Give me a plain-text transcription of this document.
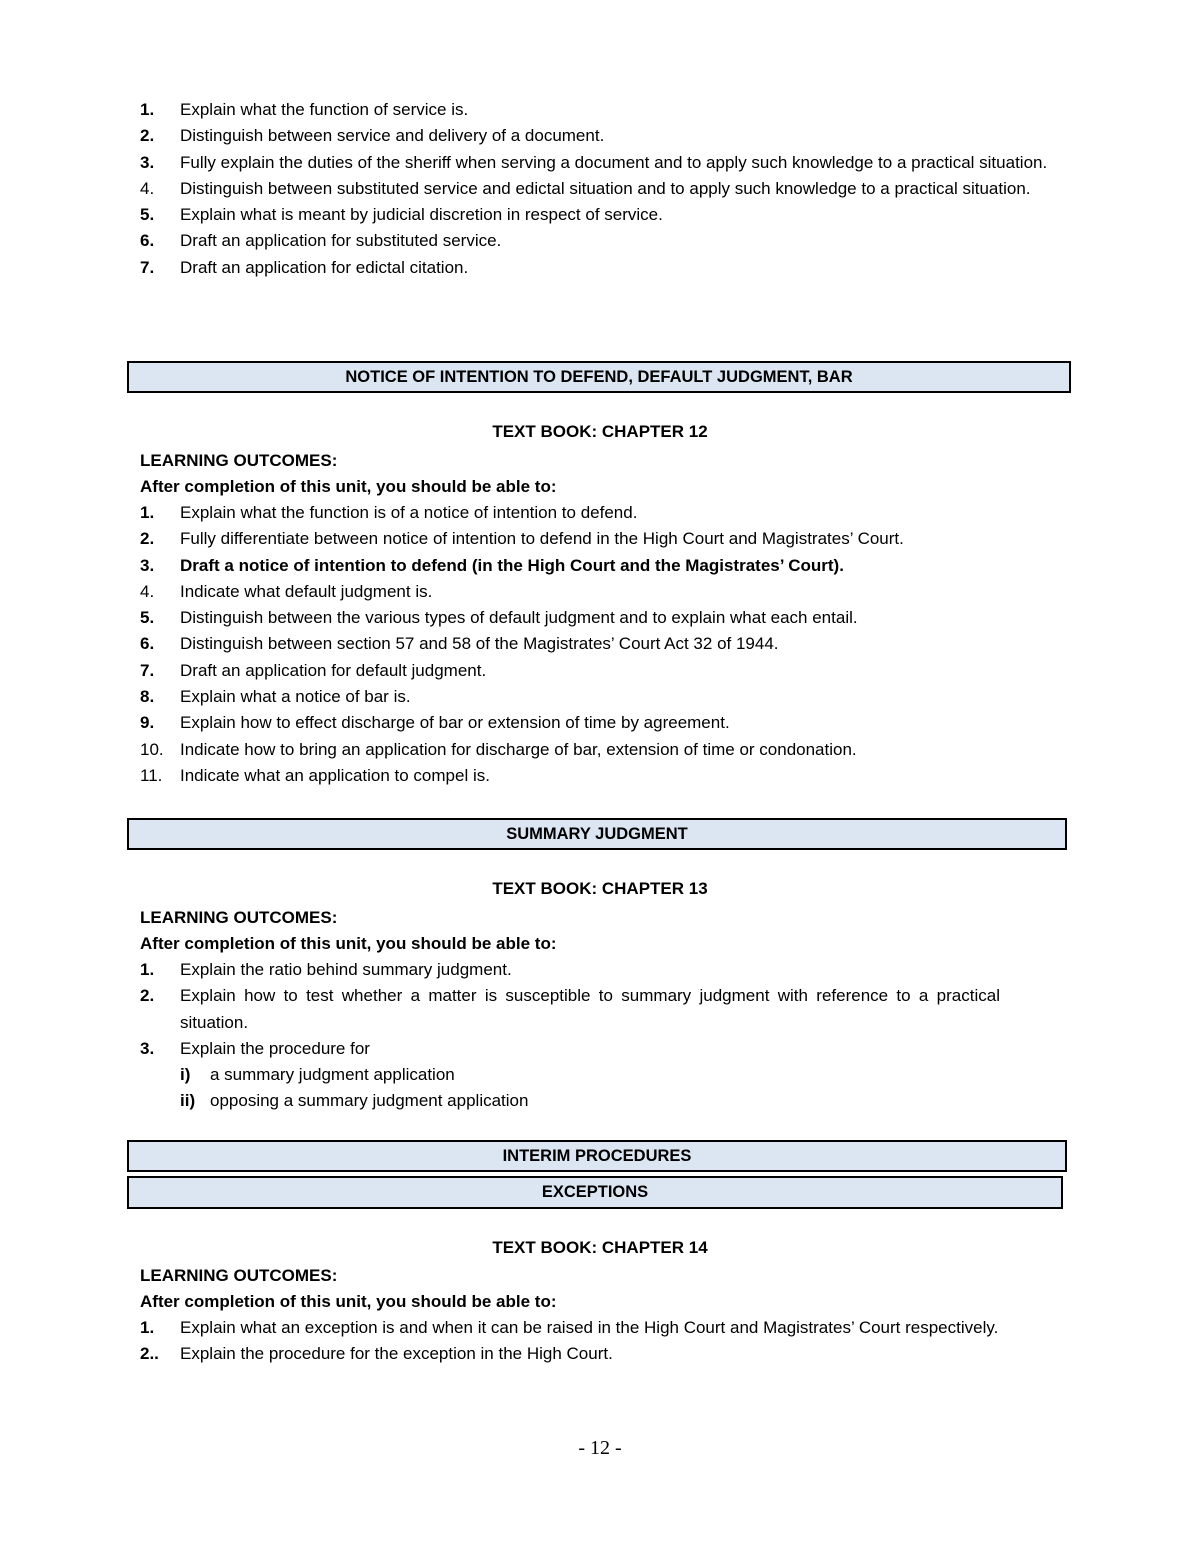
1. Explain what the function of service is.
2. Distinguish between service and delivery of a document.
3. Fully explain the duties of the sheriff when serving a document and to apply such knowledge to a practical situation.
4. Distinguish between substituted service and edictal situation and to apply such knowledge to a practical situation.
5. Explain what is meant by judicial discretion in respect of service.
6. Draft an application for substituted service.
7. Draft an application for edictal citation.
NOTICE OF INTENTION TO DEFEND, DEFAULT JUDGMENT, BAR
TEXT BOOK: CHAPTER 12
LEARNING OUTCOMES:
After completion of this unit, you should be able to:
1. Explain what the function is of a notice of intention to defend.
2. Fully differentiate between notice of intention to defend in the High Court and Magistrates’ Court.
3. Draft a notice of intention to defend (in the High Court and the Magistrates’ Court).
4. Indicate what default judgment is.
5. Distinguish between the various types of default judgment and to explain what each entail.
6. Distinguish between section 57 and 58 of the Magistrates’ Court Act 32 of 1944.
7. Draft an application for default judgment.
8. Explain what a notice of bar is.
9. Explain how to effect discharge of bar or extension of time by agreement.
10. Indicate how to bring an application for discharge of bar, extension of time or condonation.
11. Indicate what an application to compel is.
SUMMARY JUDGMENT
TEXT BOOK: CHAPTER 13
LEARNING OUTCOMES:
After completion of this unit, you should be able to:
1. Explain the ratio behind summary judgment.
2. Explain how to test whether a matter is susceptible to summary judgment with reference to a practical situation.
3. Explain the procedure for
i) a summary judgment application
ii) opposing a summary judgment application
INTERIM PROCEDURES
EXCEPTIONS
TEXT BOOK: CHAPTER 14
LEARNING OUTCOMES:
After completion of this unit, you should be able to:
1. Explain what an exception is and when it can be raised in the High Court and Magistrates’ Court respectively.
2.. Explain the procedure for the exception in the High Court.
- 12 -
